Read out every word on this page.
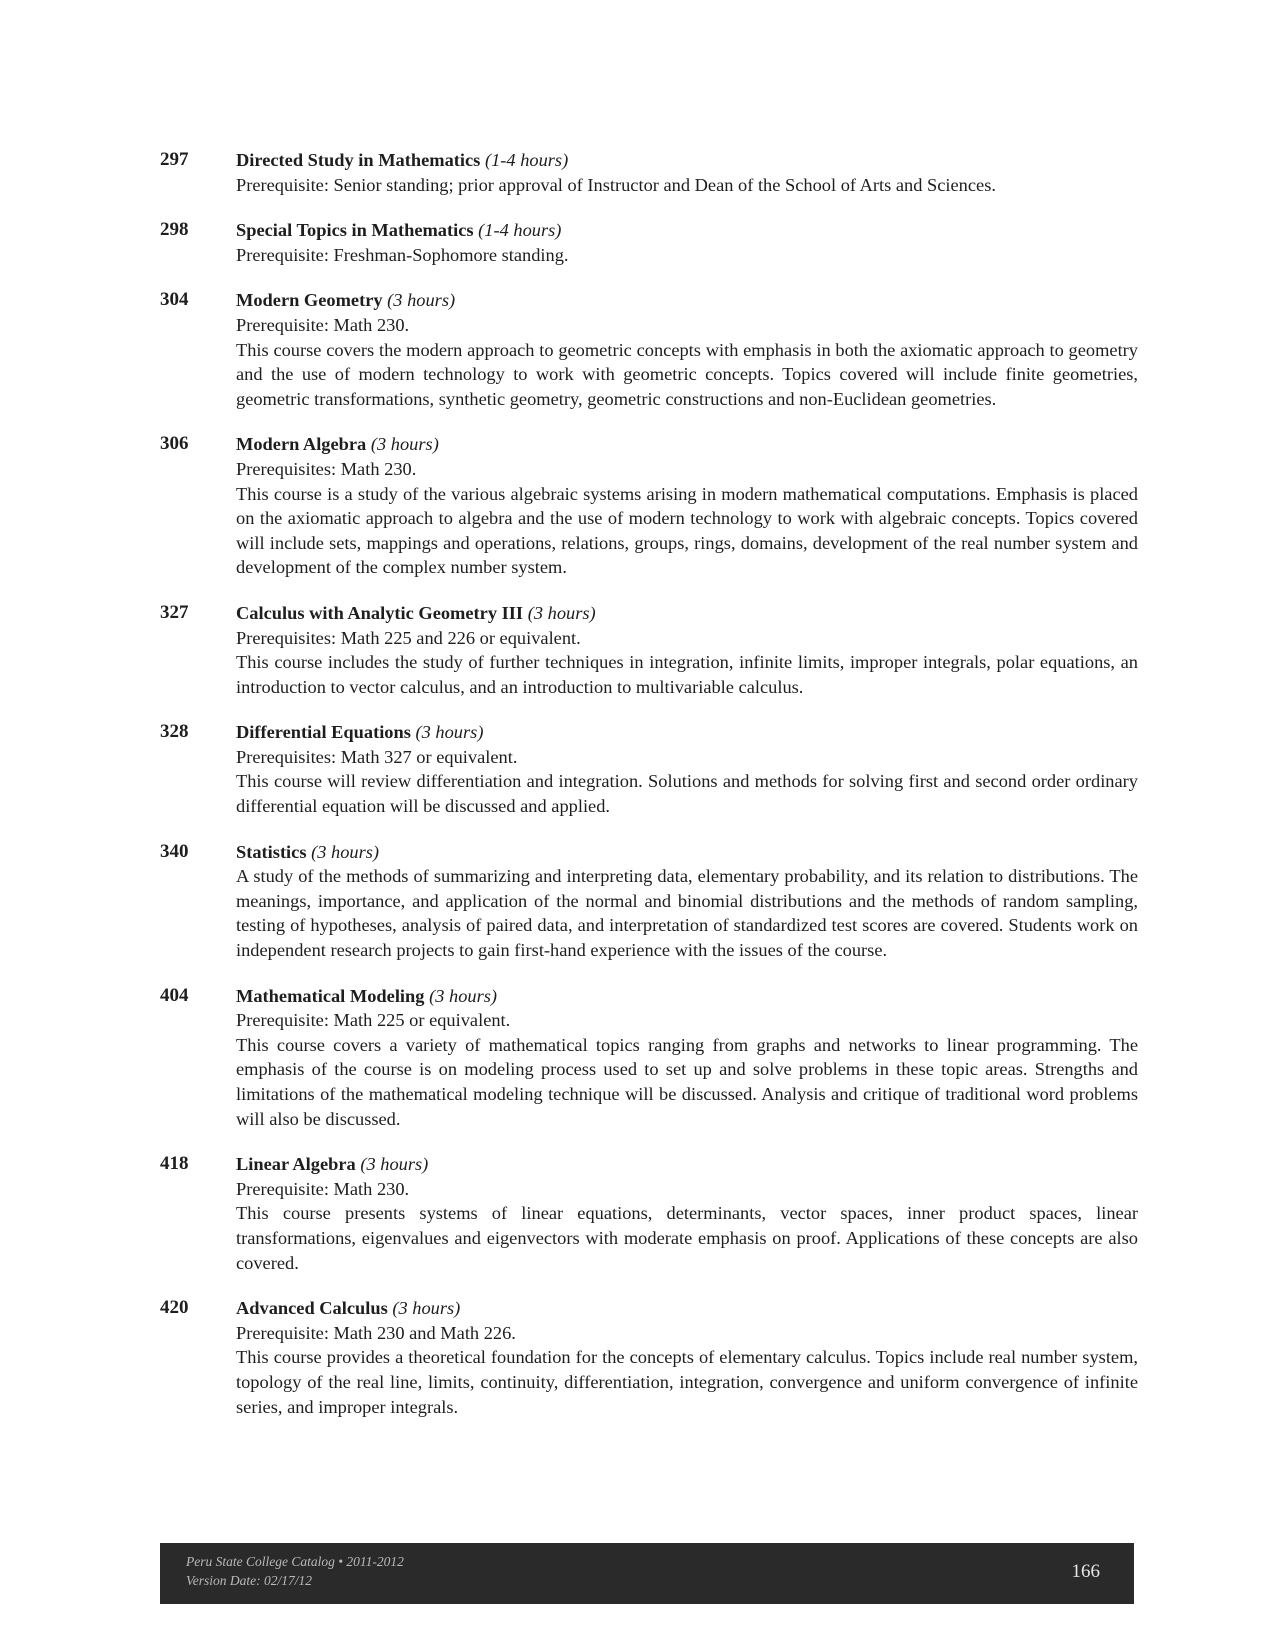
297	Directed Study in Mathematics (1-4 hours)

Prerequisite: Senior standing; prior approval of Instructor and Dean of the School of Arts and Sciences.

298	Special Topics in Mathematics (1-4 hours)

Prerequisite: Freshman-Sophomore standing.

304	Modern Geometry (3 hours)

Prerequisite: Math 230.

This course covers the modern approach to geometric concepts with emphasis in both the axiomatic approach to geometry and the use of modern technology to work with geometric concepts. Topics covered will include finite geometries, geometric transformations, synthetic geometry, geometric constructions and non-Euclidean geometries.

306	Modern Algebra (3 hours)

Prerequisites: Math 230.

This course is a study of the various algebraic systems arising in modern mathematical computations. Emphasis is placed on the axiomatic approach to algebra and the use of modern technology to work with algebraic concepts. Topics covered will include sets, mappings and operations, relations, groups, rings, domains, development of the real number system and development of the complex number system.

327	Calculus with Analytic Geometry III (3 hours)

Prerequisites: Math 225 and 226 or equivalent.

This course includes the study of further techniques in integration, infinite limits, improper integrals, polar equations, an introduction to vector calculus, and an introduction to multivariable calculus.

328	Differential Equations (3 hours)

Prerequisites: Math 327 or equivalent.

This course will review differentiation and integration. Solutions and methods for solving first and second order ordinary differential equation will be discussed and applied.

340	Statistics (3 hours)

A study of the methods of summarizing and interpreting data, elementary probability, and its relation to distributions. The meanings, importance, and application of the normal and binomial distributions and the methods of random sampling, testing of hypotheses, analysis of paired data, and interpretation of standardized test scores are covered. Students work on independent research projects to gain first-hand experience with the issues of the course.

404	Mathematical Modeling (3 hours)

Prerequisite: Math 225 or equivalent.

This course covers a variety of mathematical topics ranging from graphs and networks to linear programming. The emphasis of the course is on modeling process used to set up and solve problems in these topic areas. Strengths and limitations of the mathematical modeling technique will be discussed. Analysis and critique of traditional word problems will also be discussed.

418	Linear Algebra (3 hours)

Prerequisite: Math 230.

This course presents systems of linear equations, determinants, vector spaces, inner product spaces, linear transformations, eigenvalues and eigenvectors with moderate emphasis on proof. Applications of these concepts are also covered.

420	Advanced Calculus (3 hours)

Prerequisite: Math 230 and Math 226.

This course provides a theoretical foundation for the concepts of elementary calculus. Topics include real number system, topology of the real line, limits, continuity, differentiation, integration, convergence and uniform convergence of infinite series, and improper integrals.

Peru State College Catalog • 2011-2012
Version Date: 02/17/12	166
